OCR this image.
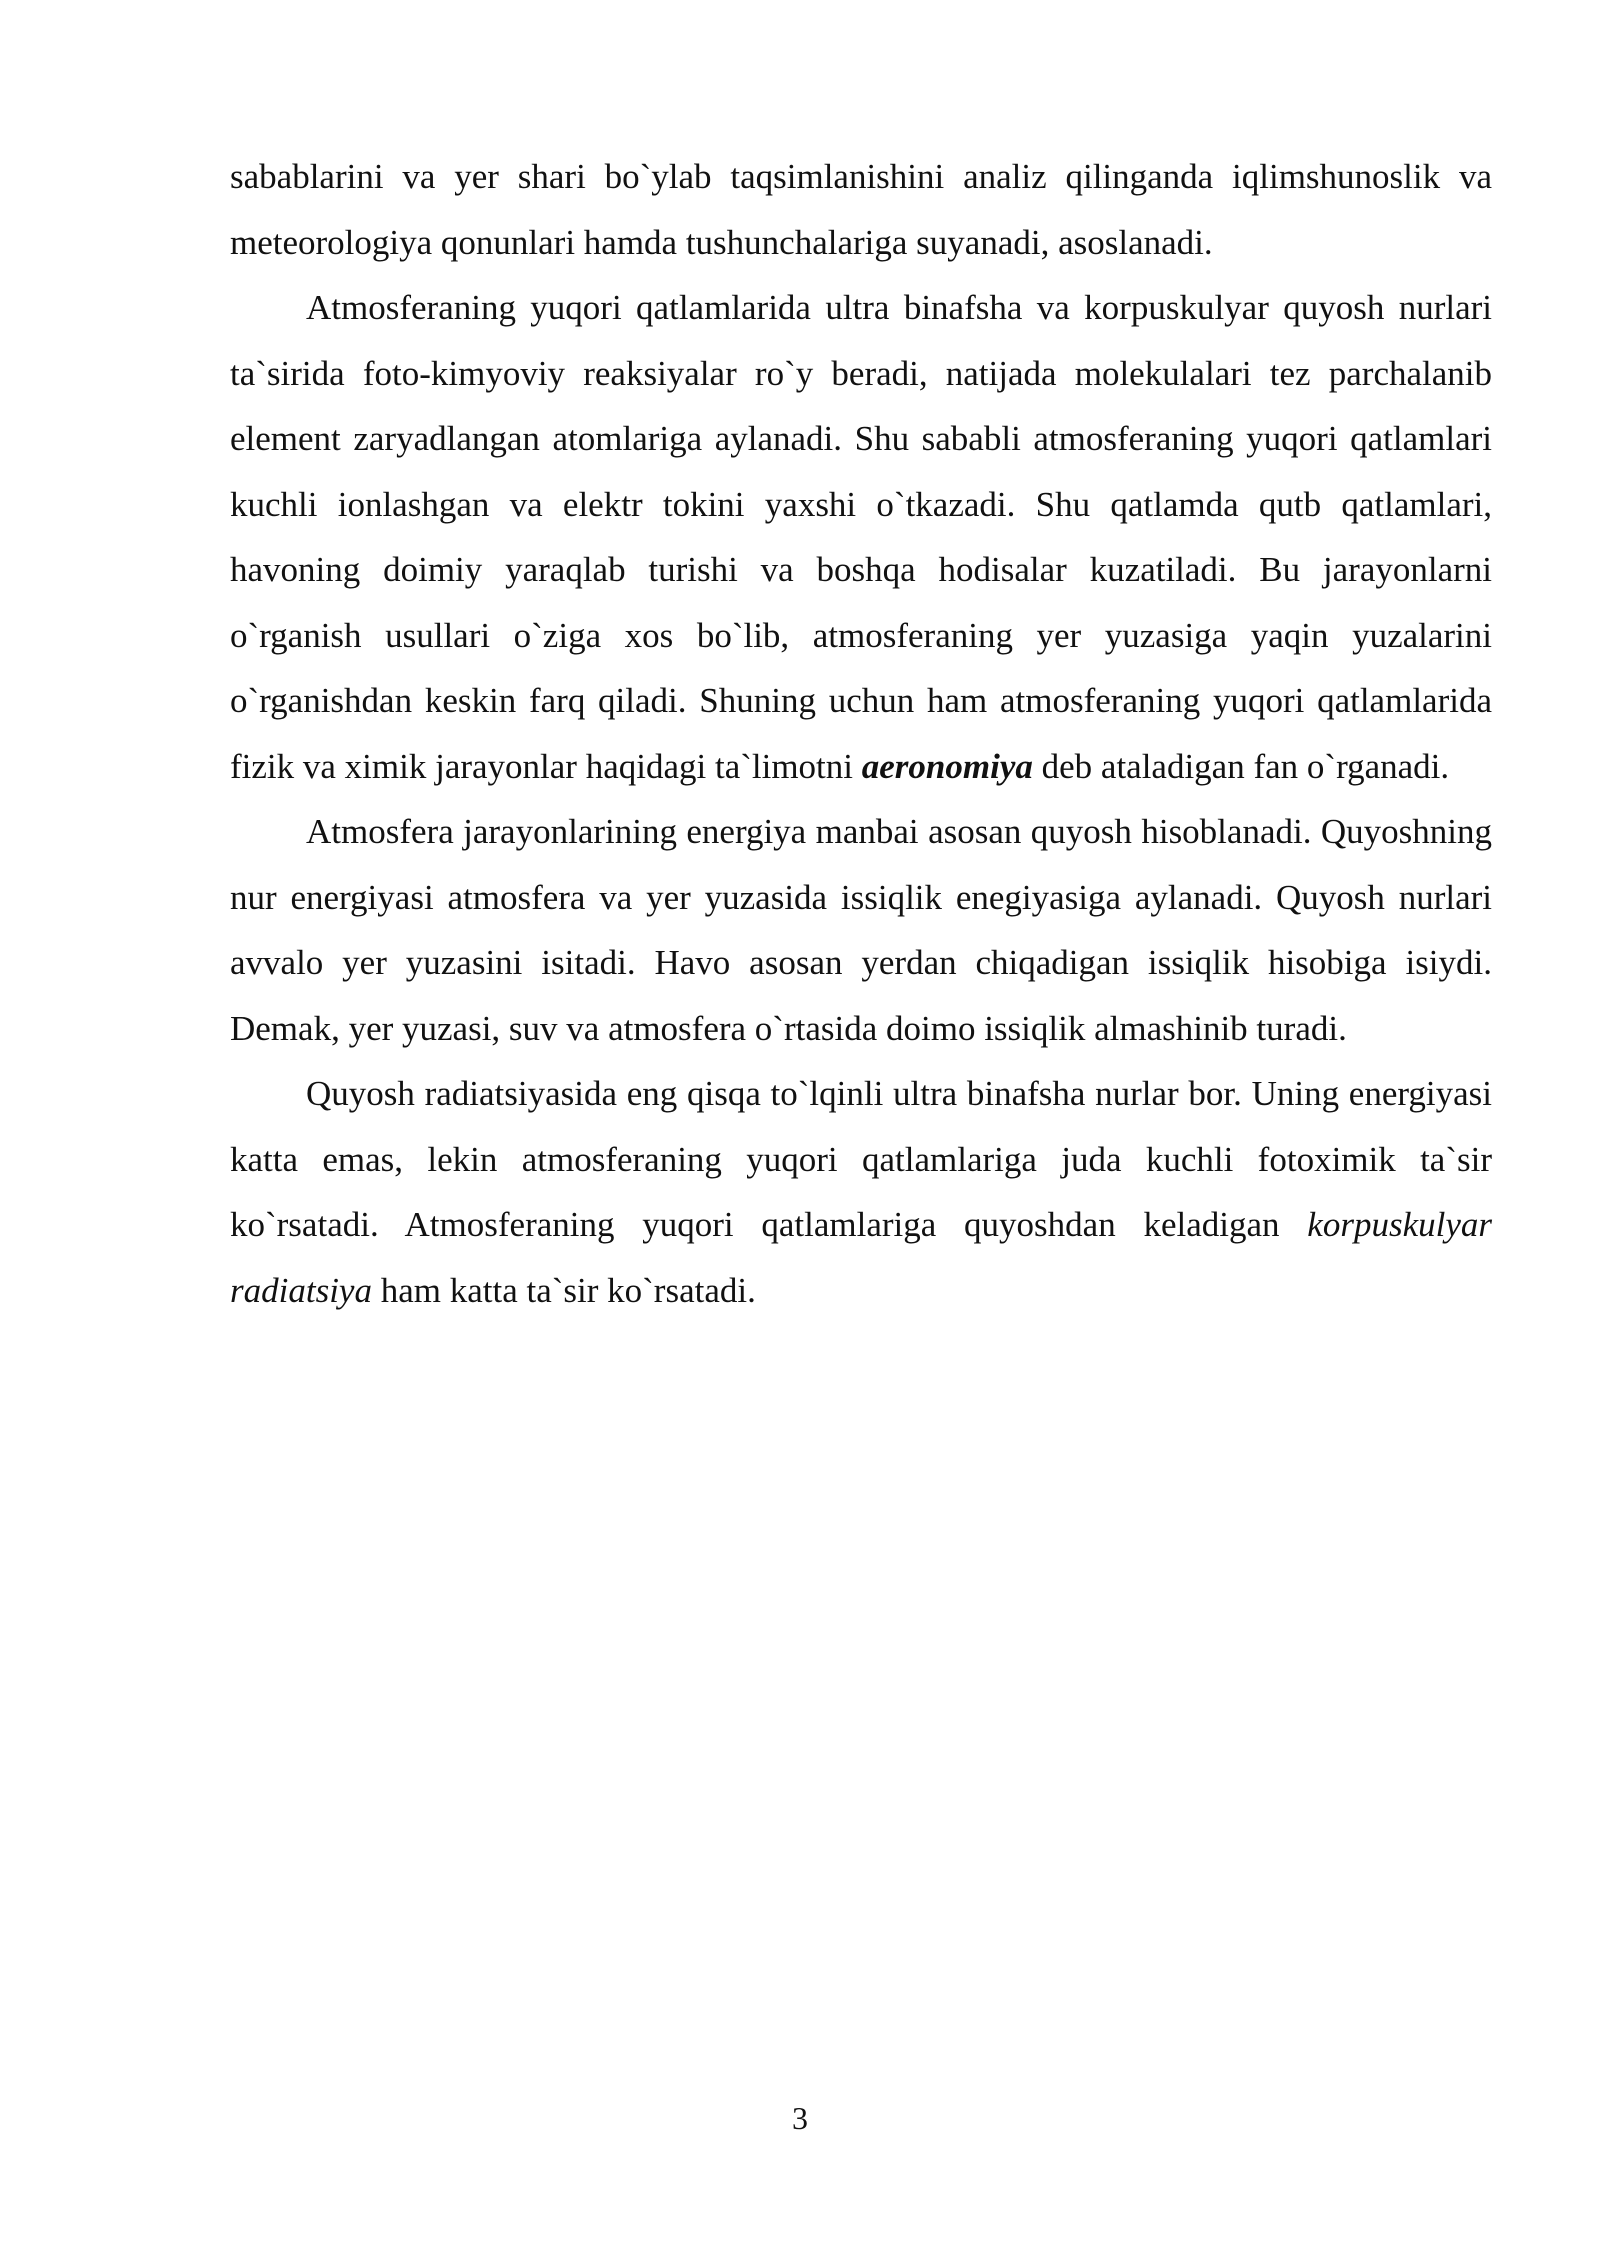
sabablarini va yer shari bo`ylab taqsimlanishini analiz qilinganda iqlimshunoslik va meteorologiya qonunlari hamda tushunchalariga suyanadi, asoslanadi.

Atmosferaning yuqori qatlamlarida ultra binafsha va korpuskulyar quyosh nurlari ta`sirida foto-kimyoviy reaksiyalar ro`y beradi, natijada molekulalari tez parchalanib element zaryadlangan atomlariga aylanadi. Shu sababli atmosferaning yuqori qatlamlari kuchli ionlashgan va elektr tokini yaxshi o`tkazadi. Shu qatlamda qutb qatlamlari, havoning doimiy yaraqlab turishi va boshqa hodisalar kuzatiladi. Bu jarayonlarni o`rganish usullari o`ziga xos bo`lib, atmosferaning yer yuzasiga yaqin yuzalarini o`rganishdan keskin farq qiladi. Shuning uchun ham atmosferaning yuqori qatlamlarida fizik va ximik jarayonlar haqidagi ta`limotni aeronomiya deb ataladigan fan o`rganadi.

Atmosfera jarayonlarining energiya manbai asosan quyosh hisoblanadi. Quyoshning nur energiyasi atmosfera va yer yuzasida issiqlik enegiyasiga aylanadi. Quyosh nurlari avvalo yer yuzasini isitadi. Havo asosan yerdan chiqadigan issiqlik hisobiga isiydi. Demak, yer yuzasi, suv va atmosfera o`rtasida doimo issiqlik almashinib turadi.

Quyosh radiatsiyasida eng qisqa to`lqinli ultra binafsha nurlar bor. Uning energiyasi katta emas, lekin atmosferaning yuqori qatlamlariga juda kuchli fotoximik ta`sir ko`rsatadi. Atmosferaning yuqori qatlamlariga quyoshdan keladigan korpuskulyar radiatsiya ham katta ta`sir ko`rsatadi.

3
